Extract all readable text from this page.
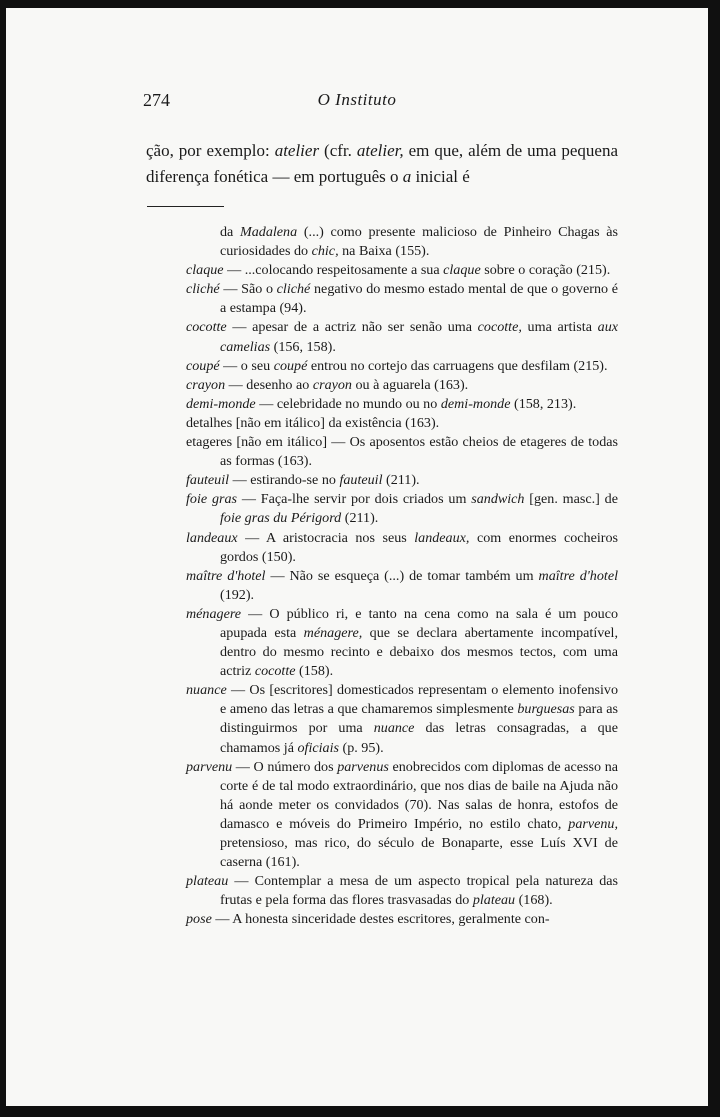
274	O Instituto
ção, por exemplo: atelier (cfr. atelier, em que, além de uma pequena diferença fonética — em português o a inicial é
da Madalena (...) como presente malicioso de Pinheiro Chagas às curiosidades do chic, na Baixa (155).
claque — ...colocando respeitosamente a sua claque sobre o coração (215).
cliché — São o cliché negativo do mesmo estado mental de que o governo é a estampa (94).
cocotte — apesar de a actriz não ser senão uma cocotte, uma artista aux camelias (156, 158).
coupé — o seu coupé entrou no cortejo das carruagens que desfilam (215).
crayon — desenho ao crayon ou à aguarela (163).
demi-monde — celebridade no mundo ou no demi-monde (158, 213).
detalhes [não em itálico] da existência (163).
etageres [não em itálico] — Os aposentos estão cheios de etageres de todas as formas (163).
fauteuil — estirando-se no fauteuil (211).
foie gras — Faça-lhe servir por dois criados um sandwich [gen. masc.] de foie gras du Périgord (211).
landeaux — A aristocracia nos seus landeaux, com enormes cocheiros gordos (150).
maître d'hotel — Não se esqueça (...) de tomar também um maître d'hotel (192).
ménagere — O público ri, e tanto na cena como na sala é um pouco apupada esta ménagere, que se declara abertamente incompatível, dentro do mesmo recinto e debaixo dos mesmos tectos, com uma actriz cocotte (158).
nuance — Os [escritores] domesticados representam o elemento inofensivo e ameno das letras a que chamaremos simplesmente burguesas para as distinguirmos por uma nuance das letras consagradas, a que chamamos já oficiais (p. 95).
parvenu — O número dos parvenus enobrecidos com diplomas de acesso na corte é de tal modo extraordinário, que nos dias de baile na Ajuda não há aonde meter os convidados (70). Nas salas de honra, estofos de damasco e móveis do Primeiro Império, no estilo chato, parvenu, pretensioso, mas rico, do século de Bonaparte, esse Luís XVI de caserna (161).
plateau — Contemplar a mesa de um aspecto tropical pela natureza das frutas e pela forma das flores trasvasadas do plateau (168).
pose — A honesta sinceridade destes escritores, geralmente con-
